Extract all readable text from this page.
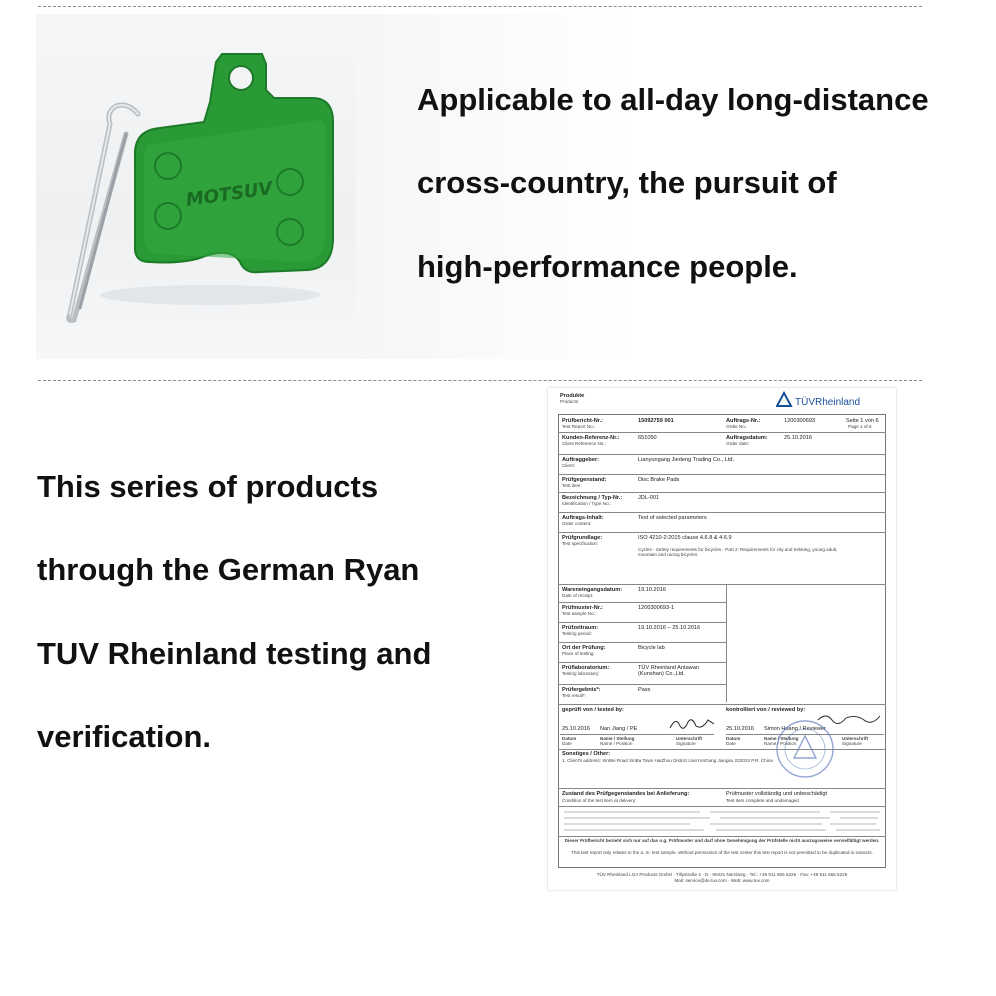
MOTSUV
Applicable to all-day long-distance
cross-country, the pursuit of
high-performance people.
This series of products
through the German Ryan
TUV Rheinland testing and
verification.
Produkte
Products	TÜVRheinland
Prüfbericht-Nr.:
Test Report No.:
15092759 001	Auftrags-Nr.:
Order No.:
1200300693	Seite 1 von 6
Page 1 of 6
Kunden-Referenz-Nr.:
Client Reference No.:
651050	Auftragsdatum:
Order date:
25.10.2016
Auftraggeber:
Client:
Lianyungang Jiedeng Trading Co., Ltd.
Prüfgegenstand:
Test item:
Disc Brake Pads
Bezeichnung / Typ-Nr.:
Identification / Type No.:
JDL-001
Auftrags-Inhalt:
Order content:
Test of selected parameters
Prüfgrundlage:
Test specification:
ISO 4210-2:2015 clause 4.6.8 & 4.6.9
Cycles - Safety requirements for bicycles - Part 2: Requirements for city and trekking, young adult, mountain and racing bicycles
Wareneingangsdatum:
Date of receipt:
19.10.2016
Prüfmuster-Nr.:
Test sample No.:
1200300693-1
Prüfzeitraum:
Testing period:
19.10.2016 – 25.10.2016
Ort der Prüfung:
Place of testing:
Bicycle lab
Prüflaboratorium:
Testing laboratory:
TÜV Rheinland Antawan (Kunshan) Co.,Ltd.
Prüfergebnis*:
Test result*:
Pass
geprüft von / tested by:	kontrolliert von / reviewed by:
25.10.2016 Nan Jiang / PE	25.10.2016 Simon Huang / Reviewer
Datum	Name / Stellung	Unterschrift
Date	Name / Position	Signature
Datum	Name / Stellung	Unterschrift
Date	Name / Position	Signature
Sonstiges / Other:
1. Client's address: XinBei Road XinBa Town HaiZhou District LianYunGang Jiangsu 222022 P.R. China
Zustand des Prüfgegenstandes bei Anlieferung:
Condition of the test item at delivery:
Prüfmuster vollständig und unbeschädigt
Test item complete and undamaged
Dieser Prüfbericht bezieht sich nur auf das o.g. Prüfmuster und darf ohne Genehmigung der Prüfstelle nicht auszugsweise vervielfältigt werden.
This test report only relates to the a. m. test sample. Without permission of the test center this test report is not permitted to be duplicated in extracts.
TÜV Rheinland LGA Products GmbH · Tillystraße 2 · D - 90431 Nürnberg · Tel.: +49 911 655 5225 · Fax: +49 911 655 5226
Mail: service@de.tuv.com · Web: www.tuv.com
